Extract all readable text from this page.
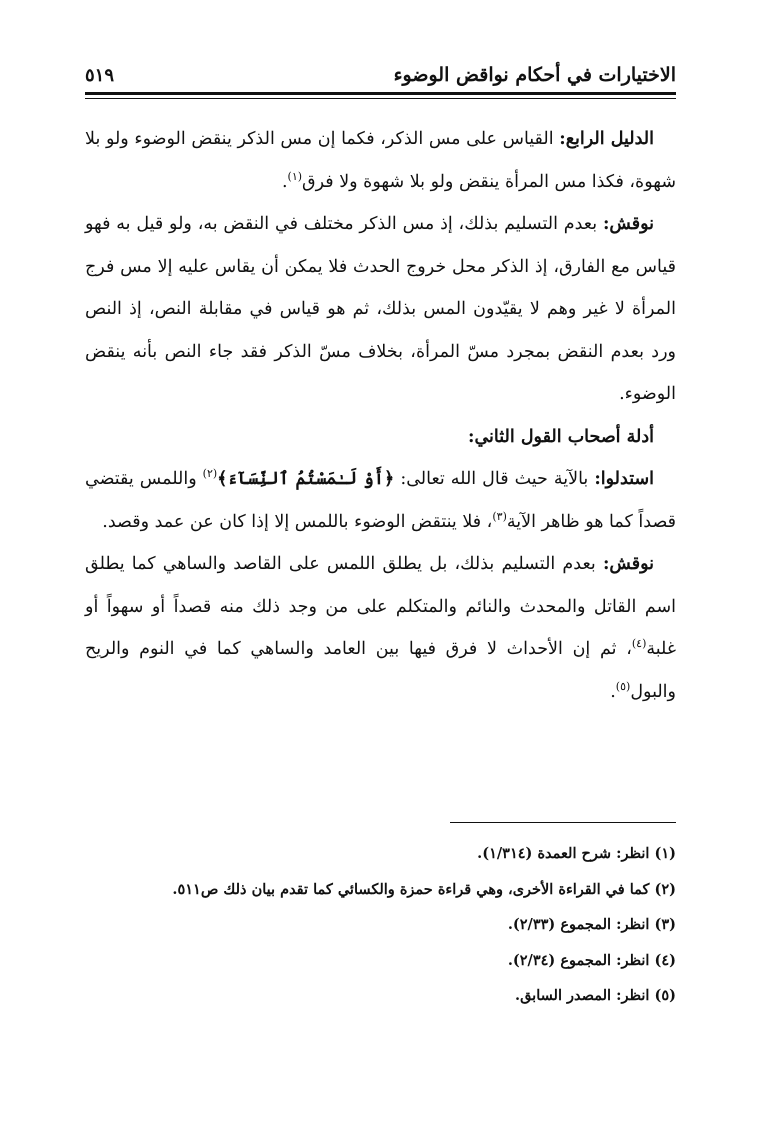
الاختيارات في أحكام نواقض الوضوء
٥١٩

الدليل الرابع: القياس على مس الذكر، فكما إن مس الذكر ينقض الوضوء ولو بلا شهوة، فكذا مس المرأة ينقض ولو بلا شهوة ولا فرق$^{(١)}$.

نوقش: بعدم التسليم بذلك، إذ مس الذكر مختلف في النقض به، ولو قيل به فهو قياس مع الفارق، إذ الذكر محل خروج الحدث فلا يمكن أن يقاس عليه إلا مس فرج المرأة لا غير وهم لا يقيّدون المس بذلك، ثم هو قياس في مقابلة النص، إذ النص ورد بعدم النقض بمجرد مسّ المرأة، بخلاف مسّ الذكر فقد جاء النص بأنه ينقض الوضوء.

أدلة أصحاب القول الثاني:

استدلوا: بالآية حيث قال الله تعالى: ﴿أَوْ لَـٰمَسْتُمُ ٱلنِّسَآءَ﴾$^{(٢)}$ واللمس يقتضي قصداً كما هو ظاهر الآية$^{(٣)}$، فلا ينتقض الوضوء باللمس إلا إذا كان عن عمد وقصد.

نوقش: بعدم التسليم بذلك، بل يطلق اللمس على القاصد والساهي كما يطلق اسم القاتل والمحدث والنائم والمتكلم على من وجد ذلك منه قصداً أو سهواً أو غلبة$^{(٤)}$، ثم إن الأحداث لا فرق فيها بين العامد والساهي كما في النوم والريح والبول$^{(٥)}$.

(١) انظر: شرح العمدة (١/٣١٤).
(٢) كما في القراءة الأخرى، وهي قراءة حمزة والكسائي كما تقدم بيان ذلك ص٥١١.
(٣) انظر: المجموع (٢/٣٣).
(٤) انظر: المجموع (٢/٣٤).
(٥) انظر: المصدر السابق.
